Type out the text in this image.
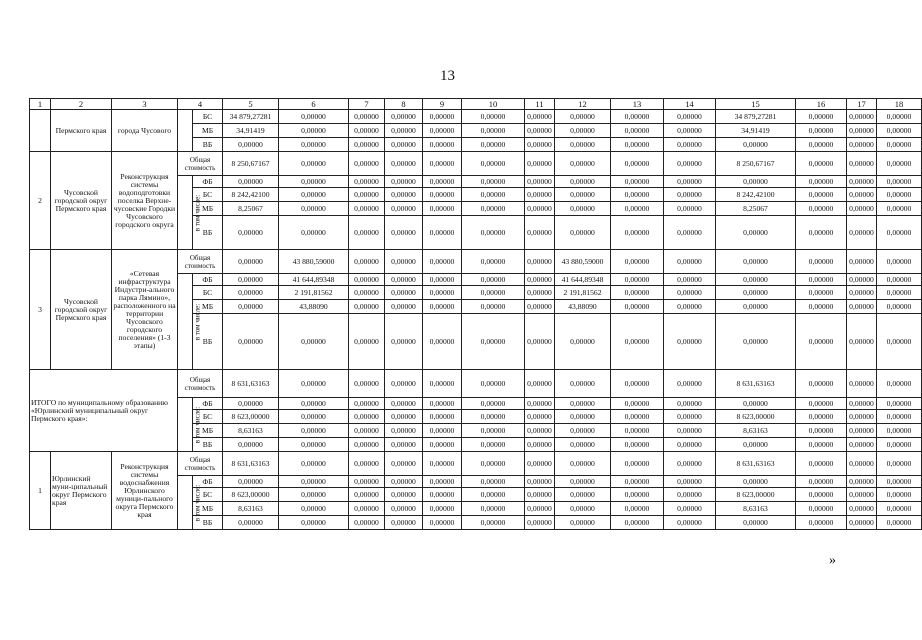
13
1	2	3	4		5	6	7	8	9	10	11	12	13	14	15	16	17	18
	Пермского края	города Чусового		БС	34 879,27281	0,00000	0,00000	0,00000	0,00000	0,00000	0,00000	0,00000	0,00000	0,00000	34 879,27281	0,00000	0,00000	0,00000
				МБ	34,91419	0,00000	0,00000	0,00000	0,00000	0,00000	0,00000	0,00000	0,00000	0,00000	34,91419	0,00000	0,00000	0,00000
				ВБ	0,00000	0,00000	0,00000	0,00000	0,00000	0,00000	0,00000	0,00000	0,00000	0,00000	0,00000	0,00000	0,00000	0,00000
2	Чусовской городской округ Пермского края	Реконструкция системы водоподготовки поселка Верхне-чусовские Городки Чусовского городского округа	Общая стоимость		8 250,67167	0,00000	0,00000	0,00000	0,00000	0,00000	0,00000	0,00000	0,00000	0,00000	8 250,67167	0,00000	0,00000	0,00000
			в том числе:	ФБ	0,00000	0,00000	0,00000	0,00000	0,00000	0,00000	0,00000	0,00000	0,00000	0,00000	0,00000	0,00000	0,00000	0,00000
				БС	8 242,42100	0,00000	0,00000	0,00000	0,00000	0,00000	0,00000	0,00000	0,00000	0,00000	8 242,42100	0,00000	0,00000	0,00000
				МБ	8,25067	0,00000	0,00000	0,00000	0,00000	0,00000	0,00000	0,00000	0,00000	0,00000	8,25067	0,00000	0,00000	0,00000
				ВБ	0,00000	0,00000	0,00000	0,00000	0,00000	0,00000	0,00000	0,00000	0,00000	0,00000	0,00000	0,00000	0,00000	0,00000
3	Чусовской городской округ Пермского края	«Сетевая инфраструктура Индустри-ального парка Лямино», расположенного на территории Чусовского городского поселения» (1-3 этапы)	Общая стоимость		0,00000	43 880,59000	0,00000	0,00000	0,00000	0,00000	0,00000	43 880,59000	0,00000	0,00000	0,00000	0,00000	0,00000	0,00000
			в том числе:	ФБ	0,00000	41 644,89348	0,00000	0,00000	0,00000	0,00000	0,00000	41 644,89348	0,00000	0,00000	0,00000	0,00000	0,00000	0,00000
				БС	0,00000	2 191,81562	0,00000	0,00000	0,00000	0,00000	0,00000	2 191,81562	0,00000	0,00000	0,00000	0,00000	0,00000	0,00000
				МБ	0,00000	43,88090	0,00000	0,00000	0,00000	0,00000	0,00000	43,88090	0,00000	0,00000	0,00000	0,00000	0,00000	0,00000
				ВБ	0,00000	0,00000	0,00000	0,00000	0,00000	0,00000	0,00000	0,00000	0,00000	0,00000	0,00000	0,00000	0,00000	0,00000
ИТОГО по муниципальному образованию «Юрлинский муниципальный округ Пермского края»:			Общая стоимость		8 631,63163	0,00000	0,00000	0,00000	0,00000	0,00000	0,00000	0,00000	0,00000	0,00000	8 631,63163	0,00000	0,00000	0,00000
			в том числе:	ФБ	0,00000	0,00000	0,00000	0,00000	0,00000	0,00000	0,00000	0,00000	0,00000	0,00000	0,00000	0,00000	0,00000	0,00000
				БС	8 623,00000	0,00000	0,00000	0,00000	0,00000	0,00000	0,00000	0,00000	0,00000	0,00000	8 623,00000	0,00000	0,00000	0,00000
				МБ	8,63163	0,00000	0,00000	0,00000	0,00000	0,00000	0,00000	0,00000	0,00000	0,00000	8,63163	0,00000	0,00000	0,00000
				ВБ	0,00000	0,00000	0,00000	0,00000	0,00000	0,00000	0,00000	0,00000	0,00000	0,00000	0,00000	0,00000	0,00000	0,00000
1	Юрлинский муни-ципальный округ Пермского края	Реконструкция системы водоснабжения Юрлинского муници-пального округа Пермского края	Общая стоимость		8 631,63163	0,00000	0,00000	0,00000	0,00000	0,00000	0,00000	0,00000	0,00000	0,00000	8 631,63163	0,00000	0,00000	0,00000
			в том числе:	ФБ	0,00000	0,00000	0,00000	0,00000	0,00000	0,00000	0,00000	0,00000	0,00000	0,00000	0,00000	0,00000	0,00000	0,00000
				БС	8 623,00000	0,00000	0,00000	0,00000	0,00000	0,00000	0,00000	0,00000	0,00000	0,00000	8 623,00000	0,00000	0,00000	0,00000
				МБ	8,63163	0,00000	0,00000	0,00000	0,00000	0,00000	0,00000	0,00000	0,00000	0,00000	8,63163	0,00000	0,00000	0,00000
				ВБ	0,00000	0,00000	0,00000	0,00000	0,00000	0,00000	0,00000	0,00000	0,00000	0,00000	0,00000	0,00000	0,00000	0,00000
»
